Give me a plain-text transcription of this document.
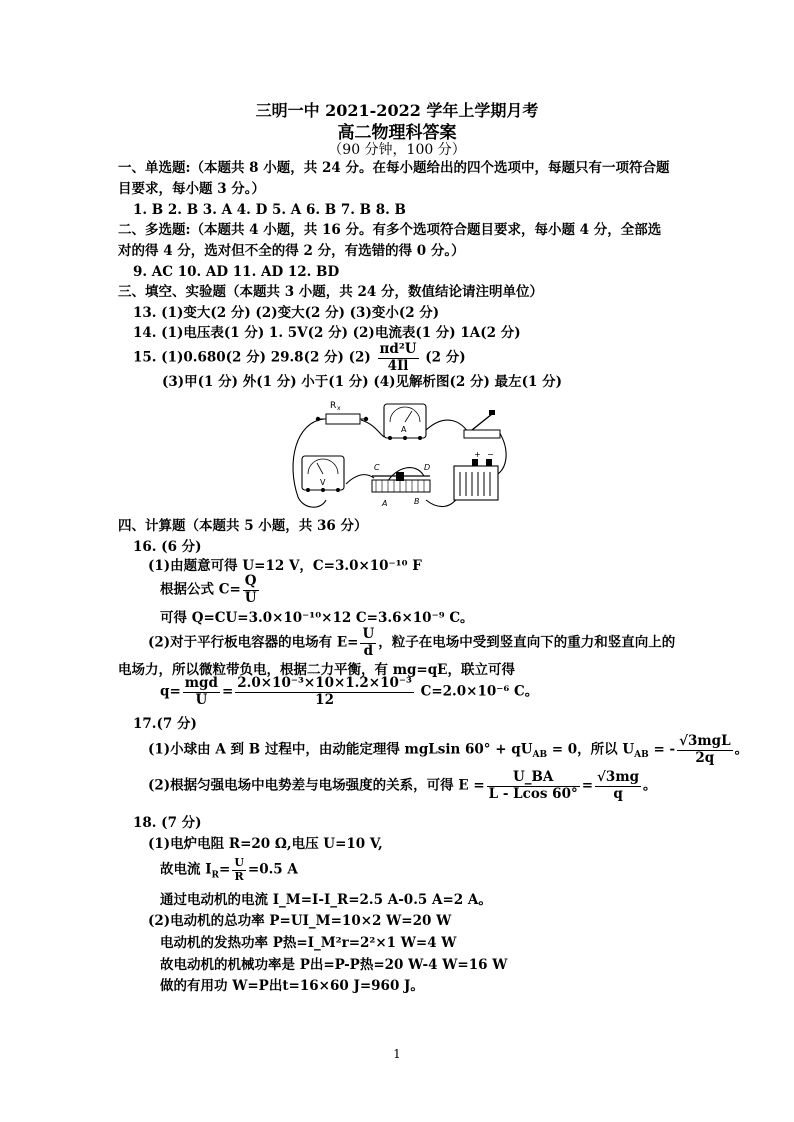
三明一中 2021-2022 学年上学期月考
高二物理科答案
（90 分钟，100 分）
一、单选题:（本题共 8 小题，共 24 分。在每小题给出的四个选项中，每题只有一项符合题
目要求，每小题 3 分。）
1. B 2. B 3. A 4. D 5. A 6. B 7. B 8. B
二、多选题:（本题共 4 小题，共 16 分。有多个选项符合题目要求，每小题 4 分，全部选
对的得 4 分，选对但不全的得 2 分，有选错的得 0 分。）
9. AC 10. AD 11. AD 12. BD
三、填空、实验题（本题共 3 小题，共 24 分，数值结论请注明单位）
13. (1)变大(2 分) (2)变大(2 分) (3)变小(2 分)
14. (1)电压表(1 分) 1. 5V(2 分) (2)电流表(1 分) 1A(2 分)
15. (1)0.680(2 分) 29.8(2 分) $(2) \frac{\text{πd²U}}{4Il} (2$ 分)
(3)甲(1 分) 外(1 分) 小于(1 分) (4)见解析图(2 分) 最左(1 分)
R x
A
+ −
V
C	D
A	B
四、计算题（本题共 5 小题，共 36 分）
16. (6 分)
(1)由题意可得 U=12 V，C=3.0×10⁻¹⁰ F
根据公式 $C= \frac{Q}{U}$
可得 Q=CU=3.0×10⁻¹⁰×12 C=3.6×10⁻⁹ C。
(2)对于平行板电容器的电场有 $E= \frac{U}{d}$ ，粒子在电场中受到竖直向下的重力和竖直向上的
电场力，所以微粒带负电，根据二力平衡，有 mg=qE，联立可得
$q= \frac{\text{mgd}}{U} = \frac{\text{2.0×10⁻³×10×1.2×10⁻³}}{12} C=2.0\times 10^{-6}$ C。
17.(7 分)
(1)小球由 A 到 B 过程中，由动能定理得 mgLsin $60^\circ + qU_{AB} = 0$，所以 $U_{AB}$ = - $\frac{\text{√3mgL}}{2q}$ 。
(2)根据匀强电场中电势差与电场强度的关系，可得 $E = \frac{U\_BA}{L - Lcos 60^\circ} = \frac{√3mg}{q}$ 。
18. (7 分)
(1)电炉电阻 R=20 Ω,电压 U=10 V,
故电流 $I_R= \frac{U}{R} =0.5$ A
通过电动机的电流 I_M=I-I_R=2.5 A-0.5 A=2 A。
(2)电动机的总功率 P=UI_M=10×2 W=20 W
电动机的发热功率 P热=I_M²r=2²×1 W=4 W
故电动机的机械功率是 P出=P-P热=20 W-4 W=16 W
做的有用功 W=P出t=16×60 J=960 J。
1
